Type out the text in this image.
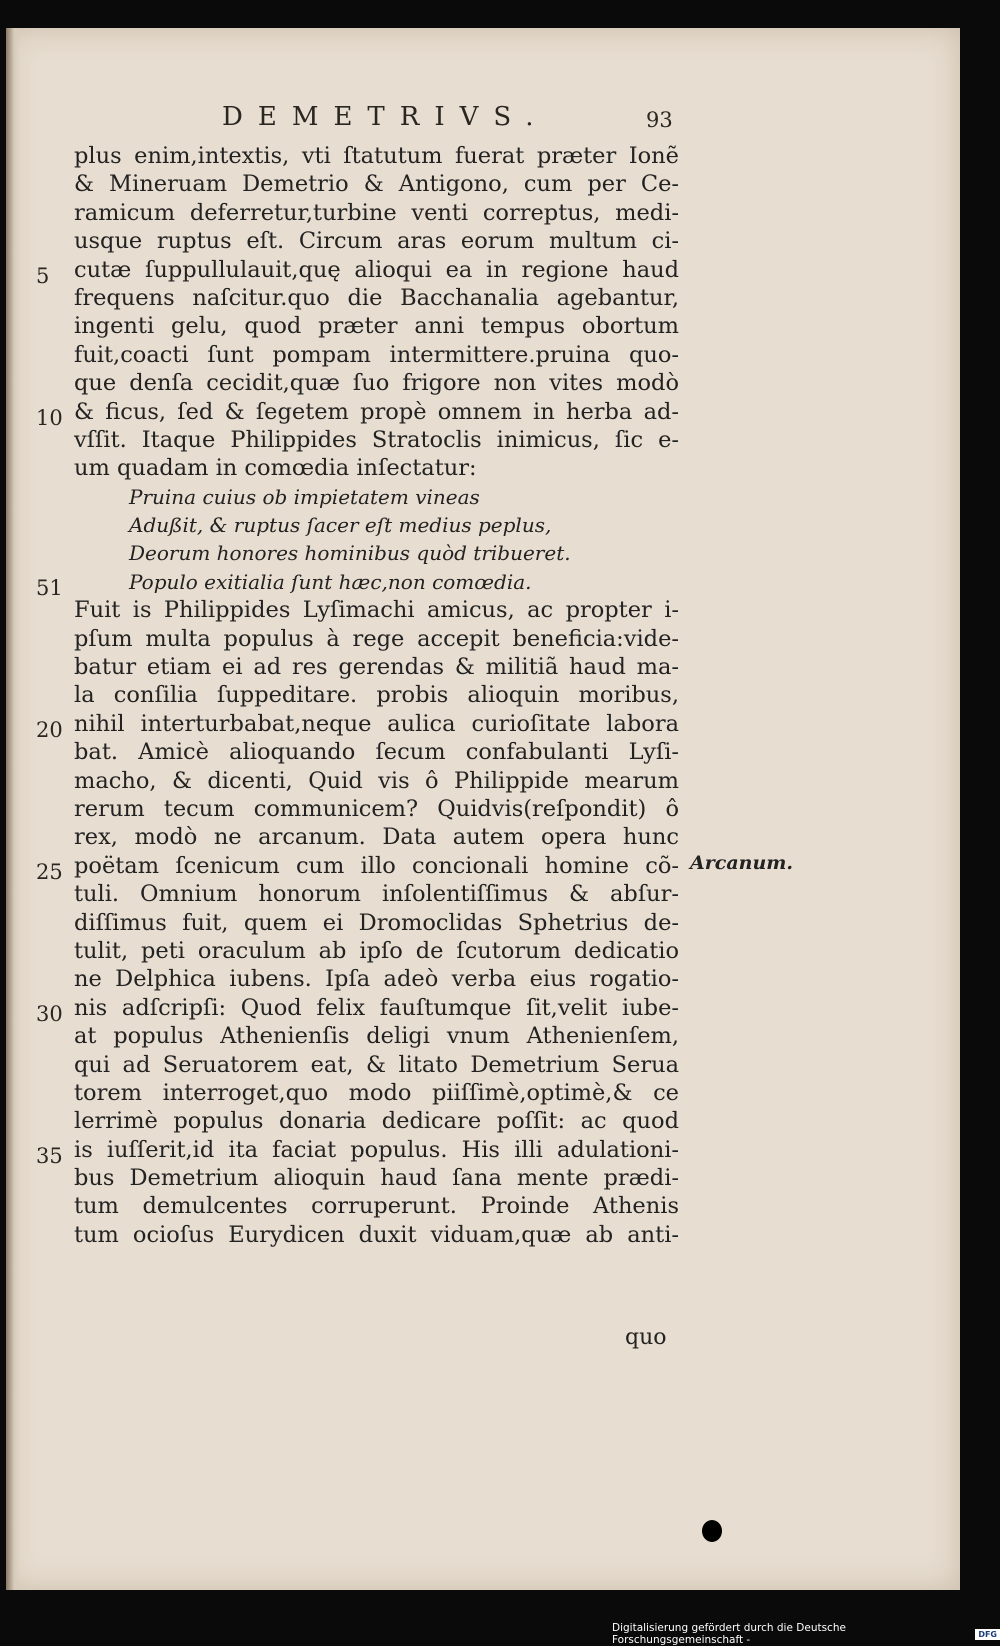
DEMETRIVS.	93
plus enim,intextis, vti ſtatutum fuerat præter Ionẽ
& Mineruam Demetrio & Antigono, cum per Ce-
ramicum deferretur,turbine venti correptus, medi-
usque ruptus eſt. Circum aras eorum multum ci-
cutæ ſuppullulauit,quę alioqui ea in regione haud
frequens naſcitur.quo die Bacchanalia agebantur,
ingenti gelu, quod præter anni tempus obortum
fuit,coacti ſunt pompam intermittere.pruina quo-
que denſa cecidit,quæ ſuo frigore non vites modò
& ficus, ſed & ſegetem propè omnem in herba ad-
vſſit. Itaque Philippides Stratoclis inimicus, ſic e-
um quadam in comœdia inſectatur:
Pruina cuius ob impietatem vineas
Adußit, & ruptus ſacer eſt medius peplus,
Deorum honores hominibus quòd tribueret.
Populo exitialia ſunt hæc,non comœdia.
Fuit is Philippides Lyſimachi amicus, ac propter i-
pſum multa populus à rege accepit beneficia:vide-
batur etiam ei ad res gerendas & militiã haud ma-
la conſilia ſuppeditare. probis alioquin moribus,
nihil interturbabat,neque aulica curioſitate labora
bat. Amicè alioquando ſecum confabulanti Lyſi-
macho, & dicenti, Quid vis ô Philippide mearum
rerum tecum communicem? Quidvis(reſpondit) ô
rex, modò ne arcanum. Data autem opera hunc
poëtam ſcenicum cum illo concionali homine cõ-
tuli. Omnium honorum inſolentiſſimus & abſur-
diſſimus fuit, quem ei Dromoclidas Sphetrius de-
tulit, peti oraculum ab ipſo de ſcutorum dedicatio
ne Delphica iubens. Ipſa adeò verba eius rogatio-
nis adſcripſi: Quod felix fauſtumque ſit,velit iube-
at populus Athenienſis deligi vnum Athenienſem,
qui ad Seruatorem eat, & litato Demetrium Serua
torem interroget,quo modo piiſſimè,optimè,& ce
lerrimè populus donaria dedicare poſſit: ac quod
is iuſſerit,id ita faciat populus. His illi adulationi-
bus Demetrium alioquin haud ſana mente prædi-
tum demulcentes corruperunt. Proinde Athenis
tum ocioſus Eurydicen duxit viduam,quæ ab anti-
quo
5
10
51
20
25
30
35
Arcanum.
Digitalisierung gefördert durch die Deutsche Forschungsgemeinschaft -	DFG
